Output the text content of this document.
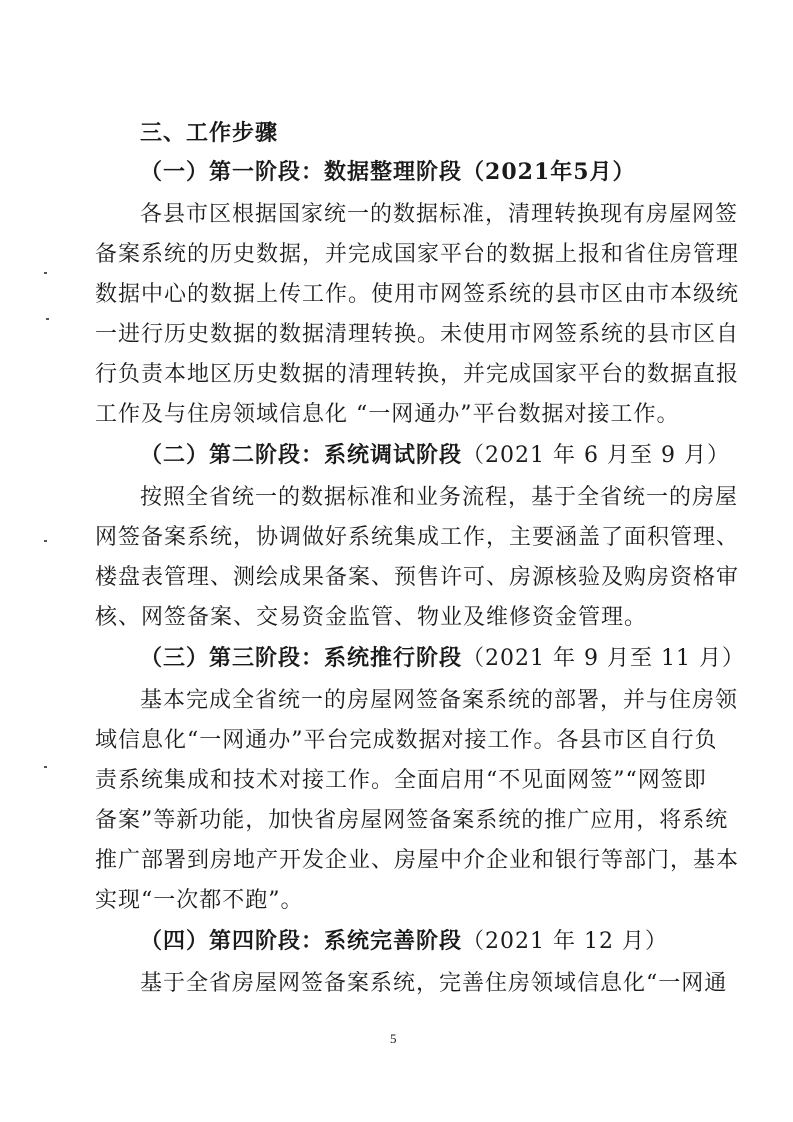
三、工作步骤
（一）第一阶段：数据整理阶段（2021年5月）
各县市区根据国家统一的数据标准，清理转换现有房屋网签
备案系统的历史数据，并完成国家平台的数据上报和省住房管理
数据中心的数据上传工作。使用市网签系统的县市区由市本级统
一进行历史数据的数据清理转换。未使用市网签系统的县市区自
行负责本地区历史数据的清理转换，并完成国家平台的数据直报
工作及与住房领域信息化 “一网通办”平台数据对接工作。
（二）第二阶段：系统调试阶段（2021 年 6 月至 9 月）
按照全省统一的数据标准和业务流程，基于全省统一的房屋
网签备案系统，协调做好系统集成工作，主要涵盖了面积管理、
楼盘表管理、测绘成果备案、预售许可、房源核验及购房资格审
核、网签备案、交易资金监管、物业及维修资金管理。
（三）第三阶段：系统推行阶段（2021 年 9 月至 11 月）
基本完成全省统一的房屋网签备案系统的部署，并与住房领
域信息化“一网通办”平台完成数据对接工作。各县市区自行负
责系统集成和技术对接工作。全面启用“不见面网签”“网签即
备案”等新功能，加快省房屋网签备案系统的推广应用，将系统
推广部署到房地产开发企业、房屋中介企业和银行等部门，基本
实现“一次都不跑”。
（四）第四阶段：系统完善阶段（2021 年 12 月）
基于全省房屋网签备案系统，完善住房领域信息化“一网通
5
